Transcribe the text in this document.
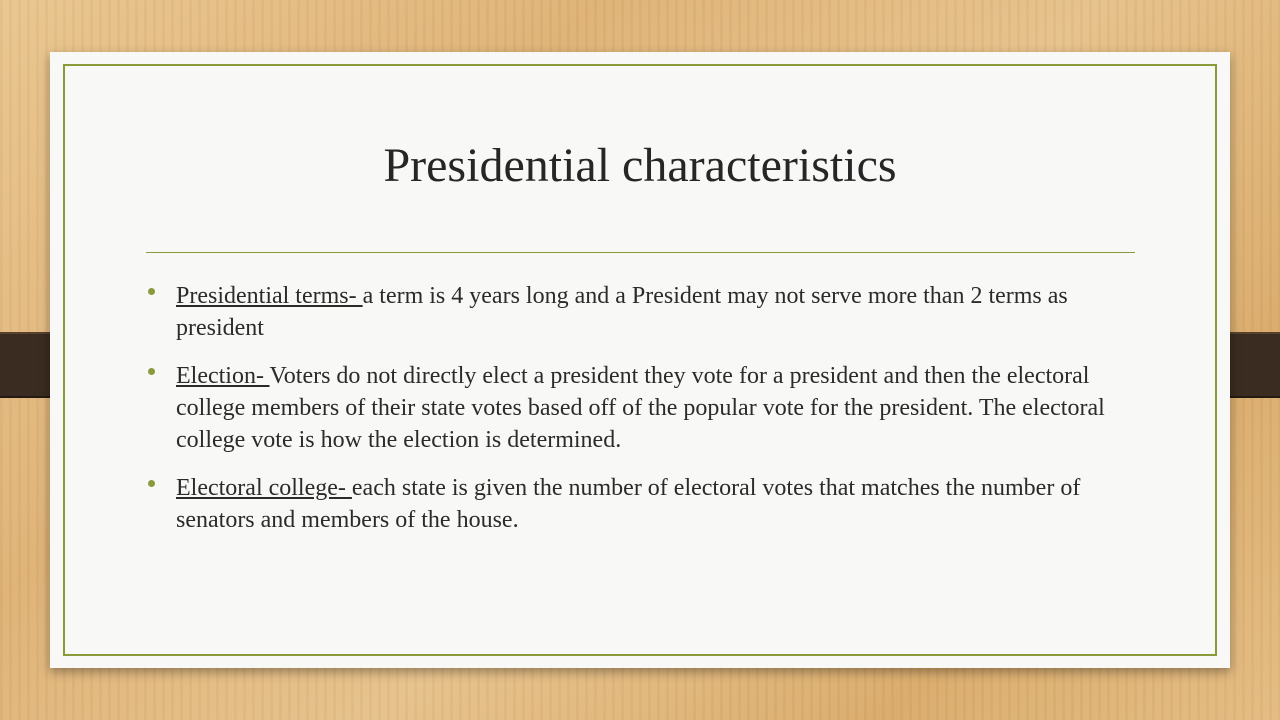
Presidential characteristics
Presidential terms- a term is 4 years long and a President may not serve more than 2 terms as president
Election- Voters do not directly elect a president they vote for a president and then the electoral college members of their state votes based off of the popular vote for the president. The electoral college vote is how the election is determined.
Electoral college- each state is given the number of electoral votes that matches the number of senators and members of the house.
